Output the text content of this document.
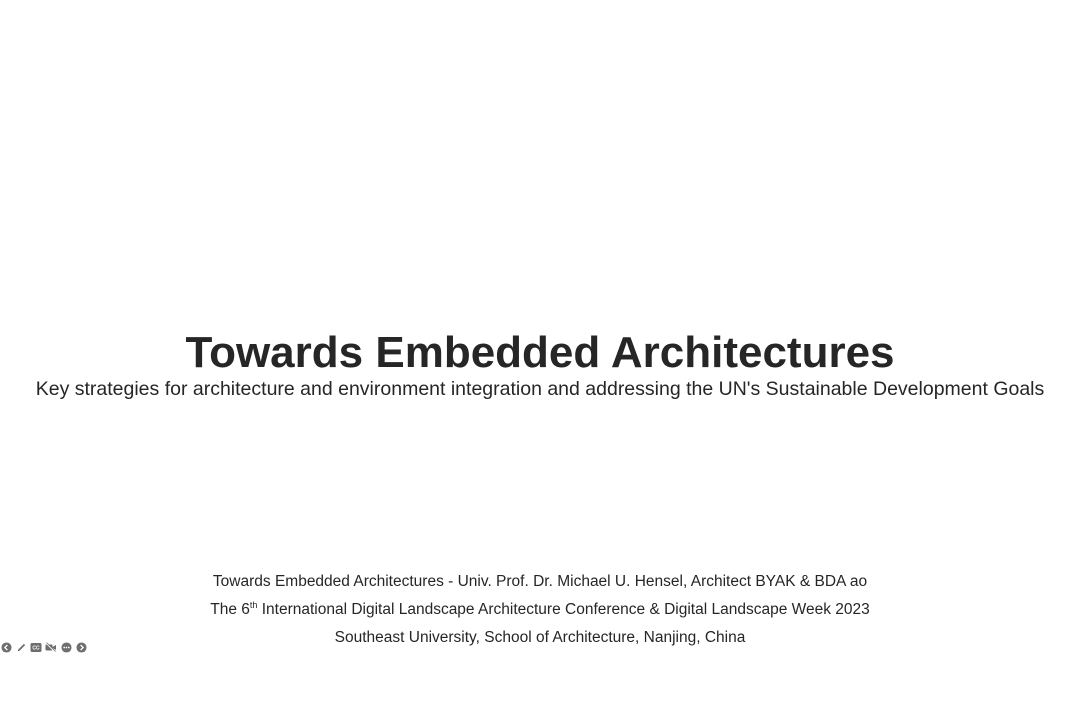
Towards Embedded Architectures
Key strategies for architecture and environment integration and addressing the UN's Sustainable Development Goals
Towards Embedded Architectures - Univ. Prof. Dr. Michael U. Hensel, Architect BYAK & BDA ao
The 6th International Digital Landscape Architecture Conference & Digital Landscape Week 2023
Southeast University, School of Architecture, Nanjing, China
CC
